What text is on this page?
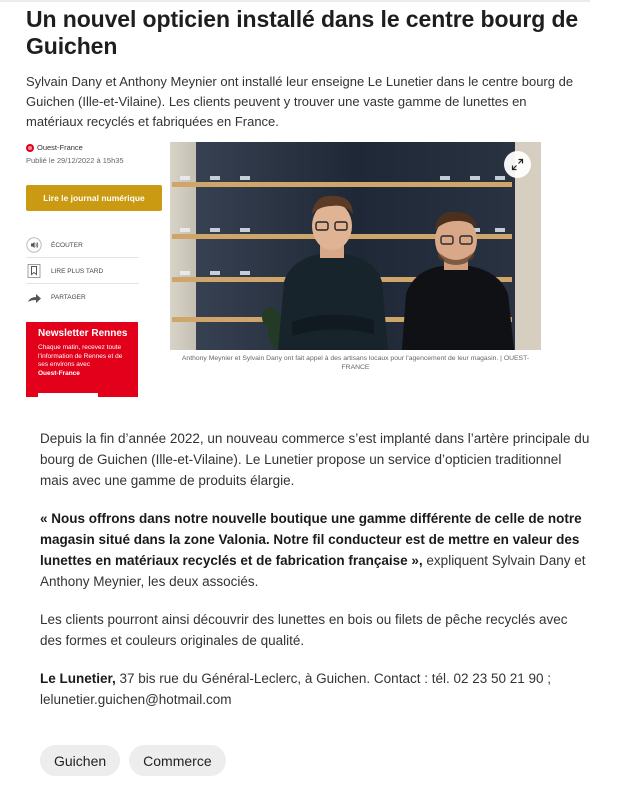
Un nouvel opticien installé dans le centre bourg de Guichen

Sylvain Dany et Anthony Meynier ont installé leur enseigne Le Lunetier dans le centre bourg de Guichen (Ille-et-Vilaine). Les clients peuvent y trouver une vaste gamme de lunettes en matériaux recyclés et fabriquées en France.

Ouest-France
Publié le 29/12/2022 à 15h35
Lire le journal numérique
ÉCOUTER
LIRE PLUS TARD
PARTAGER
Newsletter Rennes
Chaque matin, recevez toute l'information de Rennes et de ses environs avec
Ouest-France
Anthony Meynier et Sylvain Dany ont fait appel à des artisans locaux pour l'agencement de leur magasin. | OUEST-FRANCE

Depuis la fin d’année 2022, un nouveau commerce s’est implanté dans l’artère principale du bourg de Guichen (Ille-et-Vilaine). Le Lunetier propose un service d’opticien traditionnel mais avec une gamme de produits élargie.

« Nous offrons dans notre nouvelle boutique une gamme différente de celle de notre magasin situé dans la zone Valonia. Notre fil conducteur est de mettre en valeur des lunettes en matériaux recyclés et de fabrication française », expliquent Sylvain Dany et Anthony Meynier, les deux associés.

Les clients pourront ainsi découvrir des lunettes en bois ou filets de pêche recyclés avec des formes et couleurs originales de qualité.

Le Lunetier, 37 bis rue du Général-Leclerc, à Guichen. Contact : tél. 02 23 50 21 90 ; lelunetier.guichen@hotmail.com

Guichen	Commerce
